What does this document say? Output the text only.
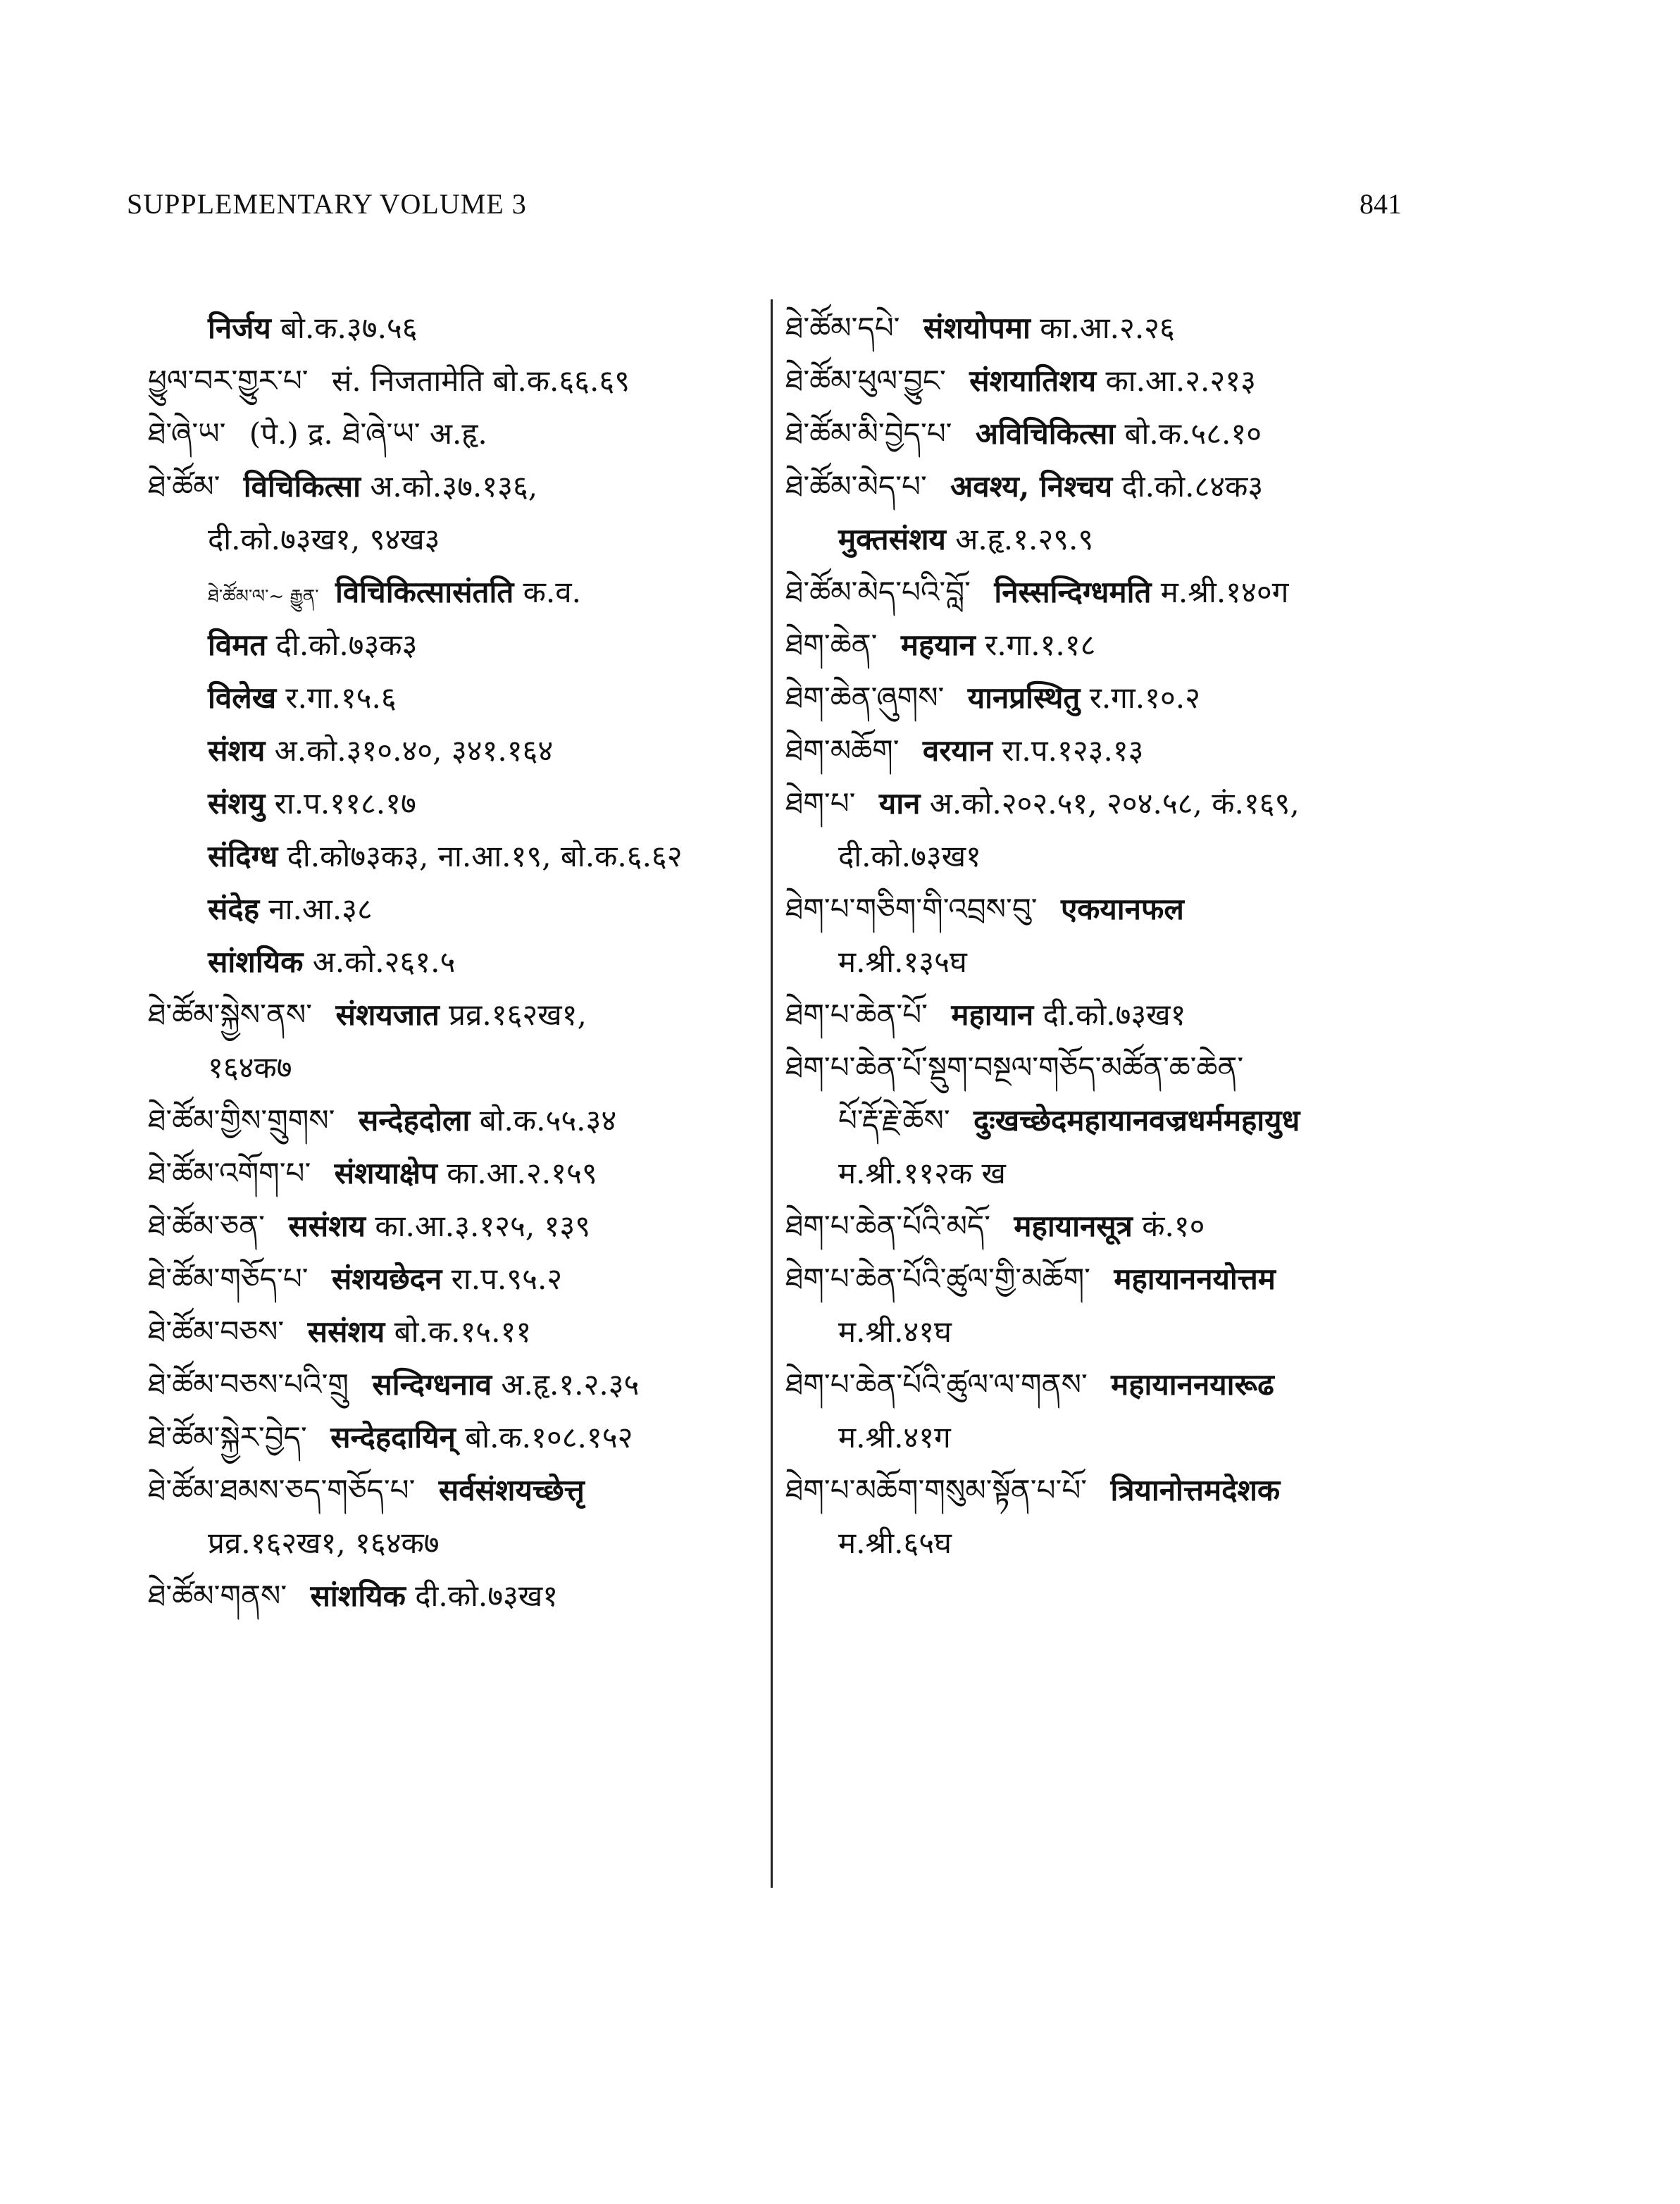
SUPPLEMENTARY VOLUME 3	841
निर्जय बो.क.३७.५६
ཕྱུལ་བར་གྱུར་པ་ सं. निजतामेति बो.क.६६.६९
ཐེ་ཞེ་ཡ་ (पे.) द्र. ཐེ་ཞེ་ཡ་ अ.हृ.
ཐེ་ཚོམ་ विचिकित्सा अ.को.३७.१३६,
दी.को.७३ख१, ९४ख३
ཐེ་ཚོམ་ལ་~ རྒྱུན་ विचिकित्सासंतति क.व.
विमत दी.को.७३क३
विलेख र.गा.१५.६
संशय अ.को.३१०.४०, ३४१.१६४
संशयु रा.प.११८.१७
संदिग्ध दी.को७३क३, ना.आ.१९, बो.क.६.६२
संदेह ना.आ.३८
सांशयिक अ.को.२६१.५
ཐེ་ཚོམ་སྐྱེས་ནས་ संशयजात प्रव्र.१६२ख१,
१६४क७
ཐེ་ཚོམ་གྱིས་གྲུགས་ सन्देहदोला बो.क.५५.३४
ཐེ་ཚོམ་འགོག་པ་ संशयाक्षेप का.आ.२.१५९
ཐེ་ཚོམ་ཅན་ ससंशय का.आ.३.१२५, १३९
ཐེ་ཚོམ་གཅོད་པ་ संशयछेदन रा.प.९५.२
ཐེ་ཚོམ་བཅས་ ससंशय बो.क.१५.११
ཐེ་ཚོམ་བཅས་པའི་གྲུ सन्दिग्धनाव अ.हृ.१.२.३५
ཐེ་ཚོམ་སྐྱེར་བྱེད་ सन्देहदायिन् बो.क.१०८.१५२
ཐེ་ཚོམ་ཐམས་ཅད་གཅོད་པ་ सर्वसंशयच्छेत्तृ
प्रव्र.१६२ख१, १६४क७
ཐེ་ཚོམ་གནས་ सांशयिक दी.को.७३ख१
ཐེ་ཚོམ་དཔེ་ संशयोपमा का.आ.२.२६
ཐེ་ཚོམ་ཕུལ་བྱུང་ संशयातिशय का.आ.२.२१३
ཐེ་ཚོམ་མི་བྱེད་པ་ अविचिकित्सा बो.क.५८.१०
ཐེ་ཚོམ་མེད་པ་ अवश्य, निश्चय दी.को.८४क३
मुक्तसंशय अ.हृ.१.२९.९
ཐེ་ཚོམ་མེད་པའི་བློ་ निस्सन्दिग्धमति म.श्री.१४०ग
ཐེག་ཆེན་ महयान र.गा.१.१८
ཐེག་ཆེན་ཞུགས་ यानप्रस्थितु र.गा.१०.२
ཐེག་མཆོག་ वरयान रा.प.१२३.१३
ཐེག་པ་ यान अ.को.२०२.५१, २०४.५८, कं.१६९,
दी.को.७३ख१
ཐེག་པ་གཅིག་གི་འབྲས་བུ་ एकयानफल
म.श्री.१३५घ
ཐེག་པ་ཆེན་པོ་ महायान दी.को.७३ख१
ཐེག་པ་ཆེན་པོ་སྡུག་བསྔལ་གཅོད་མཚོན་ཆ་ཆེན་
པོ་རྡོ་རྗེ་ཆོས་ दुःखच्छेदमहायानवज्रधर्ममहायुध
म.श्री.११२क ख
ཐེག་པ་ཆེན་པོའི་མདོ་ महायानसूत्र कं.१०
ཐེག་པ་ཆེན་པོའི་ཚུལ་གྱི་མཆོག་ महायाननयोत्तम
म.श्री.४१घ
ཐེག་པ་ཆེན་པོའི་ཚུལ་ལ་གནས་ महायाननयारूढ
म.श्री.४१ग
ཐེག་པ་མཆོག་གསུམ་སྟོན་པ་པོ་ त्रियानोत्तमदेशक
म.श्री.६५घ
